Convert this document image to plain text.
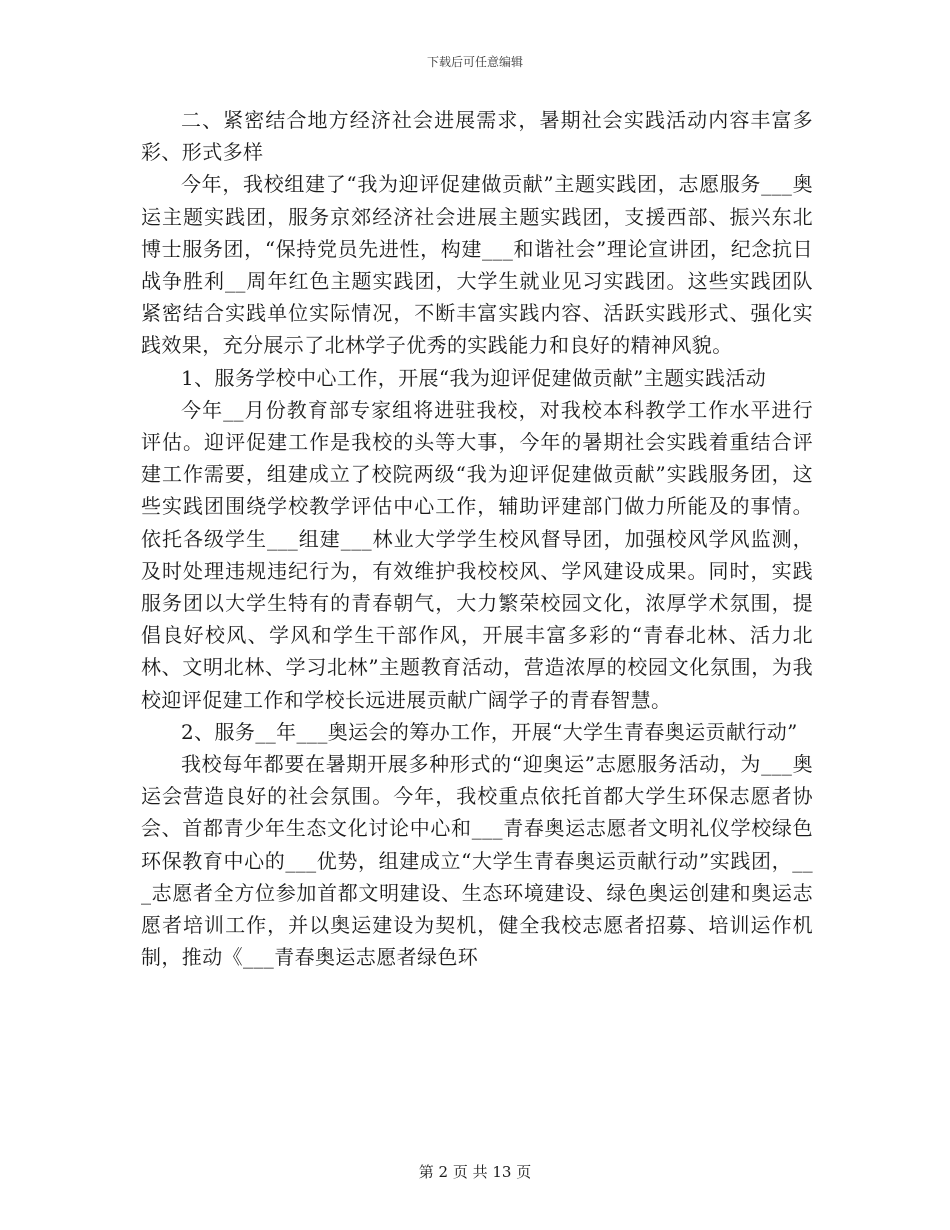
下载后可任意编辑

二、紧密结合地方经济社会进展需求，暑期社会实践活动内容丰富多彩、形式多样

今年，我校组建了“我为迎评促建做贡献”主题实践团，志愿服务___奥运主题实践团，服务京郊经济社会进展主题实践团，支援西部、振兴东北博士服务团，“保持党员先进性，构建___和谐社会”理论宣讲团，纪念抗日战争胜利__周年红色主题实践团，大学生就业见习实践团。这些实践团队紧密结合实践单位实际情况，不断丰富实践内容、活跃实践形式、强化实践效果，充分展示了北林学子优秀的实践能力和良好的精神风貌。

1、服务学校中心工作，开展“我为迎评促建做贡献”主题实践活动

今年__月份教育部专家组将进驻我校，对我校本科教学工作水平进行评估。迎评促建工作是我校的头等大事，今年的暑期社会实践着重结合评建工作需要，组建成立了校院两级“我为迎评促建做贡献”实践服务团，这些实践团围绕学校教学评估中心工作，辅助评建部门做力所能及的事情。依托各级学生___组建___林业大学学生校风督导团，加强校风学风监测，及时处理违规违纪行为，有效维护我校校风、学风建设成果。同时，实践服务团以大学生特有的青春朝气，大力繁荣校园文化，浓厚学术氛围，提倡良好校风、学风和学生干部作风，开展丰富多彩的“青春北林、活力北林、文明北林、学习北林”主题教育活动，营造浓厚的校园文化氛围，为我校迎评促建工作和学校长远进展贡献广阔学子的青春智慧。

2、服务__年___奥运会的筹办工作，开展“大学生青春奥运贡献行动”

我校每年都要在暑期开展多种形式的“迎奥运”志愿服务活动，为___奥运会营造良好的社会氛围。今年，我校重点依托首都大学生环保志愿者协会、首都青少年生态文化讨论中心和___青春奥运志愿者文明礼仪学校绿色环保教育中心的___优势，组建成立“大学生青春奥运贡献行动”实践团，___志愿者全方位参加首都文明建设、生态环境建设、绿色奥运创建和奥运志愿者培训工作，并以奥运建设为契机，健全我校志愿者招募、培训运作机制，推动《___青春奥运志愿者绿色环

第 2 页 共 13 页
